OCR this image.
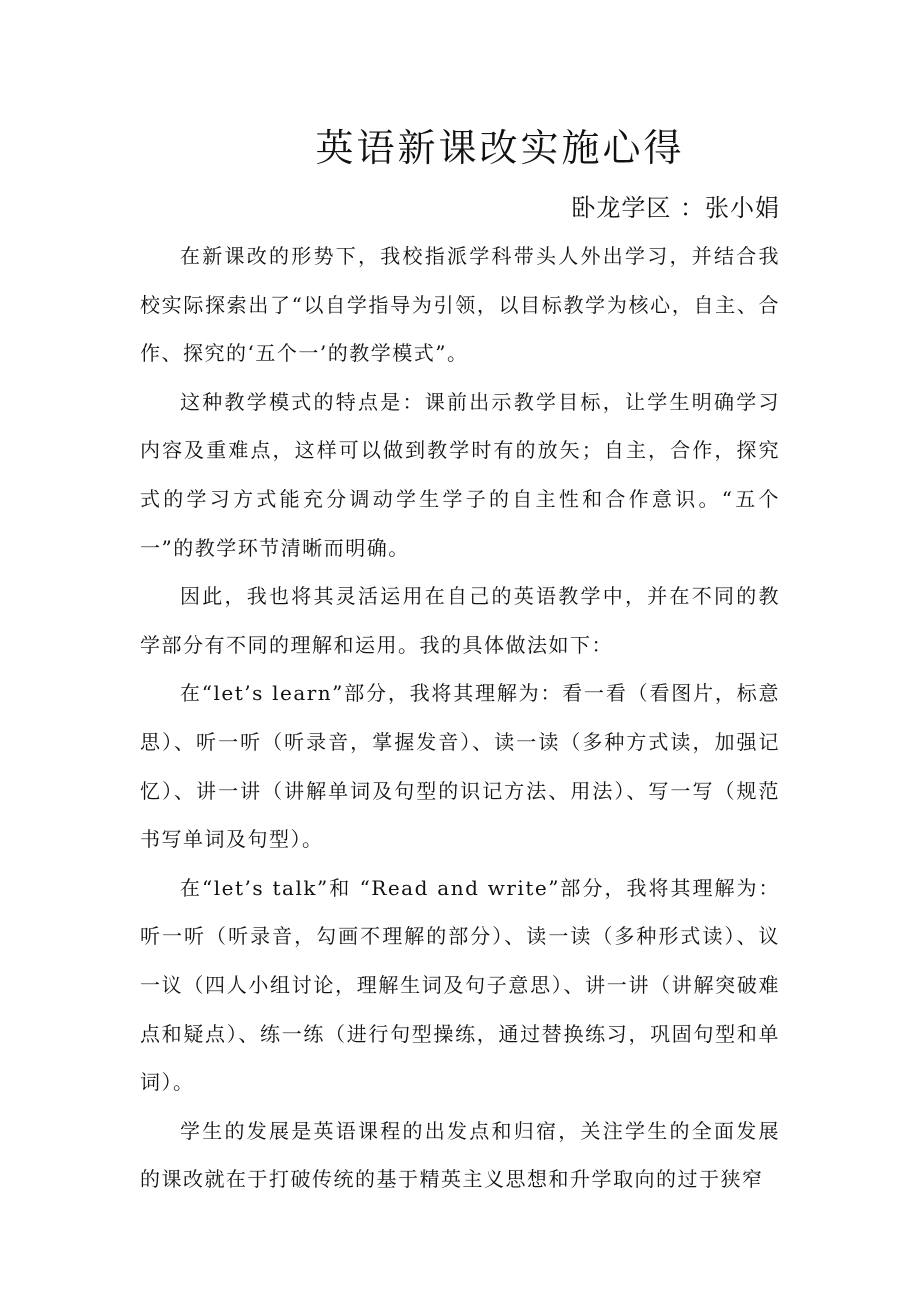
英语新课改实施心得
卧龙学区 ：张小娟

在新课改的形势下，我校指派学科带头人外出学习，并结合我校实际探索出了“以自学指导为引领，以目标教学为核心，自主、合作、探究的‘五个一’的教学模式”。

这种教学模式的特点是：课前出示教学目标，让学生明确学习内容及重难点，这样可以做到教学时有的放矢；自主，合作，探究式的学习方式能充分调动学生学子的自主性和合作意识。“五个一”的教学环节清晰而明确。

因此，我也将其灵活运用在自己的英语教学中，并在不同的教学部分有不同的理解和运用。我的具体做法如下：

在“let’s learn”部分，我将其理解为：看一看（看图片，标意思）、听一听（听录音，掌握发音）、读一读（多种方式读，加强记忆）、讲一讲（讲解单词及句型的识记方法、用法）、写一写（规范书写单词及句型）。

在“let’s talk”和 “Read and write”部分，我将其理解为：听一听（听录音，勾画不理解的部分）、读一读（多种形式读）、议一议（四人小组讨论，理解生词及句子意思）、讲一讲（讲解突破难点和疑点）、练一练（进行句型操练，通过替换练习，巩固句型和单词）。

学生的发展是英语课程的出发点和归宿，关注学生的全面发展的课改就在于打破传统的基于精英主义思想和升学取向的过于狭窄
